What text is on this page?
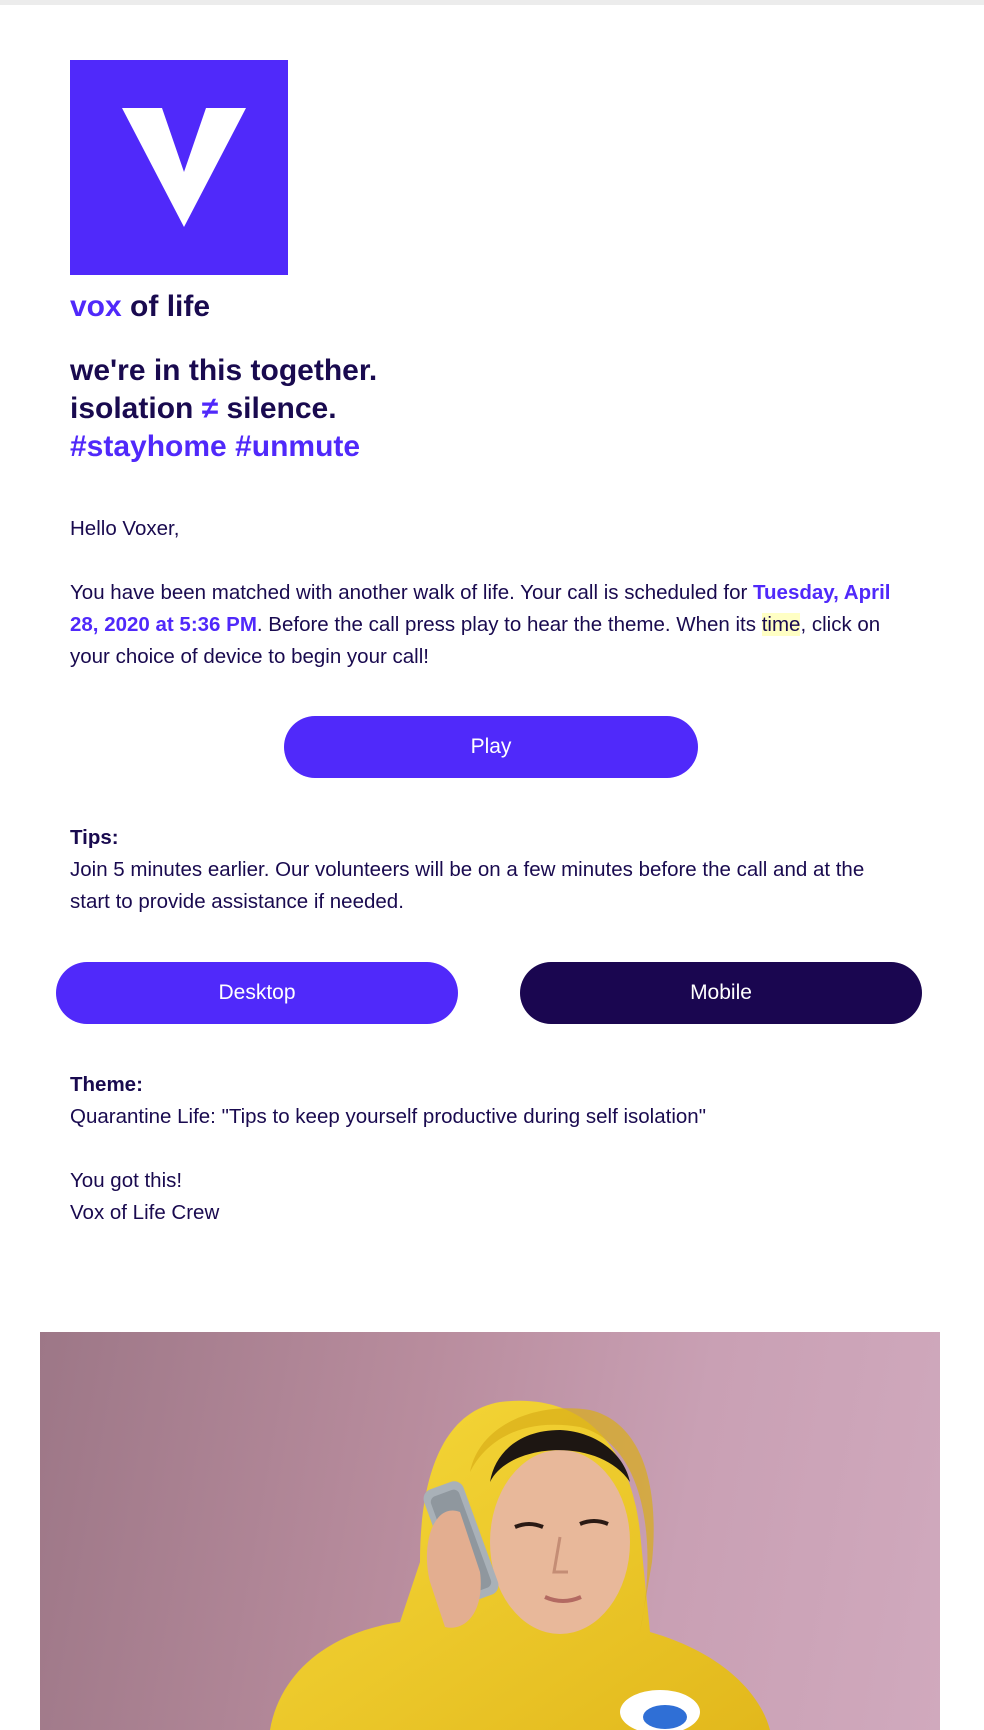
vox of life
we're in this together.
isolation ≠ silence.
#stayhome #unmute
Hello Voxer,
You have been matched with another walk of life. Your call is scheduled for Tuesday, April 28, 2020 at 5:36 PM. Before the call press play to hear the theme. When its time, click on your choice of device to begin your call!
Play
Tips:
Join 5 minutes earlier. Our volunteers will be on a few minutes before the call and at the start to provide assistance if needed.
Desktop	Mobile
Theme:
Quarantine Life: "Tips to keep yourself productive during self isolation"
You got this!
Vox of Life Crew
